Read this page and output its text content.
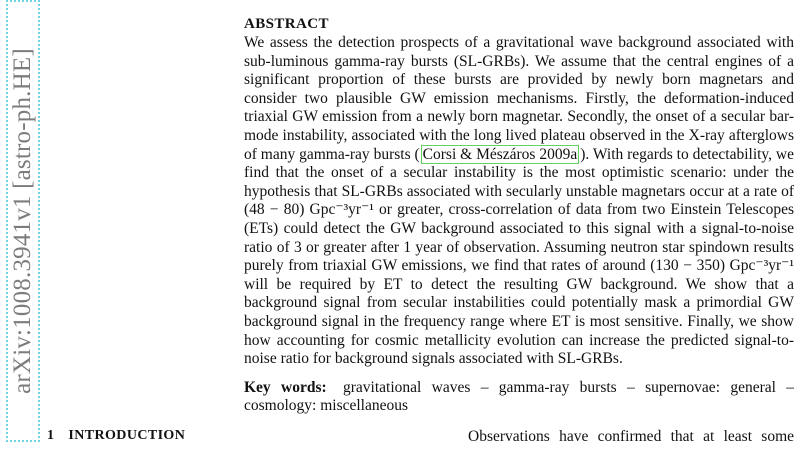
arXiv:1008.3941v1 [astro-ph.HE]
ABSTRACT
We assess the detection prospects of a gravitational wave background associated with sub-luminous gamma-ray bursts (SL-GRBs). We assume that the central engines of a significant proportion of these bursts are provided by newly born magnetars and consider two plausible GW emission mechanisms. Firstly, the deformation-induced triaxial GW emission from a newly born magnetar. Secondly, the onset of a secular bar-mode instability, associated with the long lived plateau observed in the X-ray afterglows of many gamma-ray bursts ( Corsi & Mészáros 2009a ). With regards to detectability, we find that the onset of a secular instability is the most optimistic scenario: under the hypothesis that SL-GRBs associated with secularly unstable magnetars occur at a rate of (48 − 80) Gpc⁻³yr⁻¹ or greater, cross-correlation of data from two Einstein Telescopes (ETs) could detect the GW background associated to this signal with a signal-to-noise ratio of 3 or greater after 1 year of observation. Assuming neutron star spindown results purely from triaxial GW emissions, we find that rates of around (130 − 350) Gpc⁻³yr⁻¹ will be required by ET to detect the resulting GW background. We show that a background signal from secular instabilities could potentially mask a primordial GW background signal in the frequency range where ET is most sensitive. Finally, we show how accounting for cosmic metallicity evolution can increase the predicted signal-to-noise ratio for background signals associated with SL-GRBs.
Key words: gravitational waves – gamma-ray bursts – supernovae: general – cosmology: miscellaneous
1 INTRODUCTION	Observations have confirmed that at least some
